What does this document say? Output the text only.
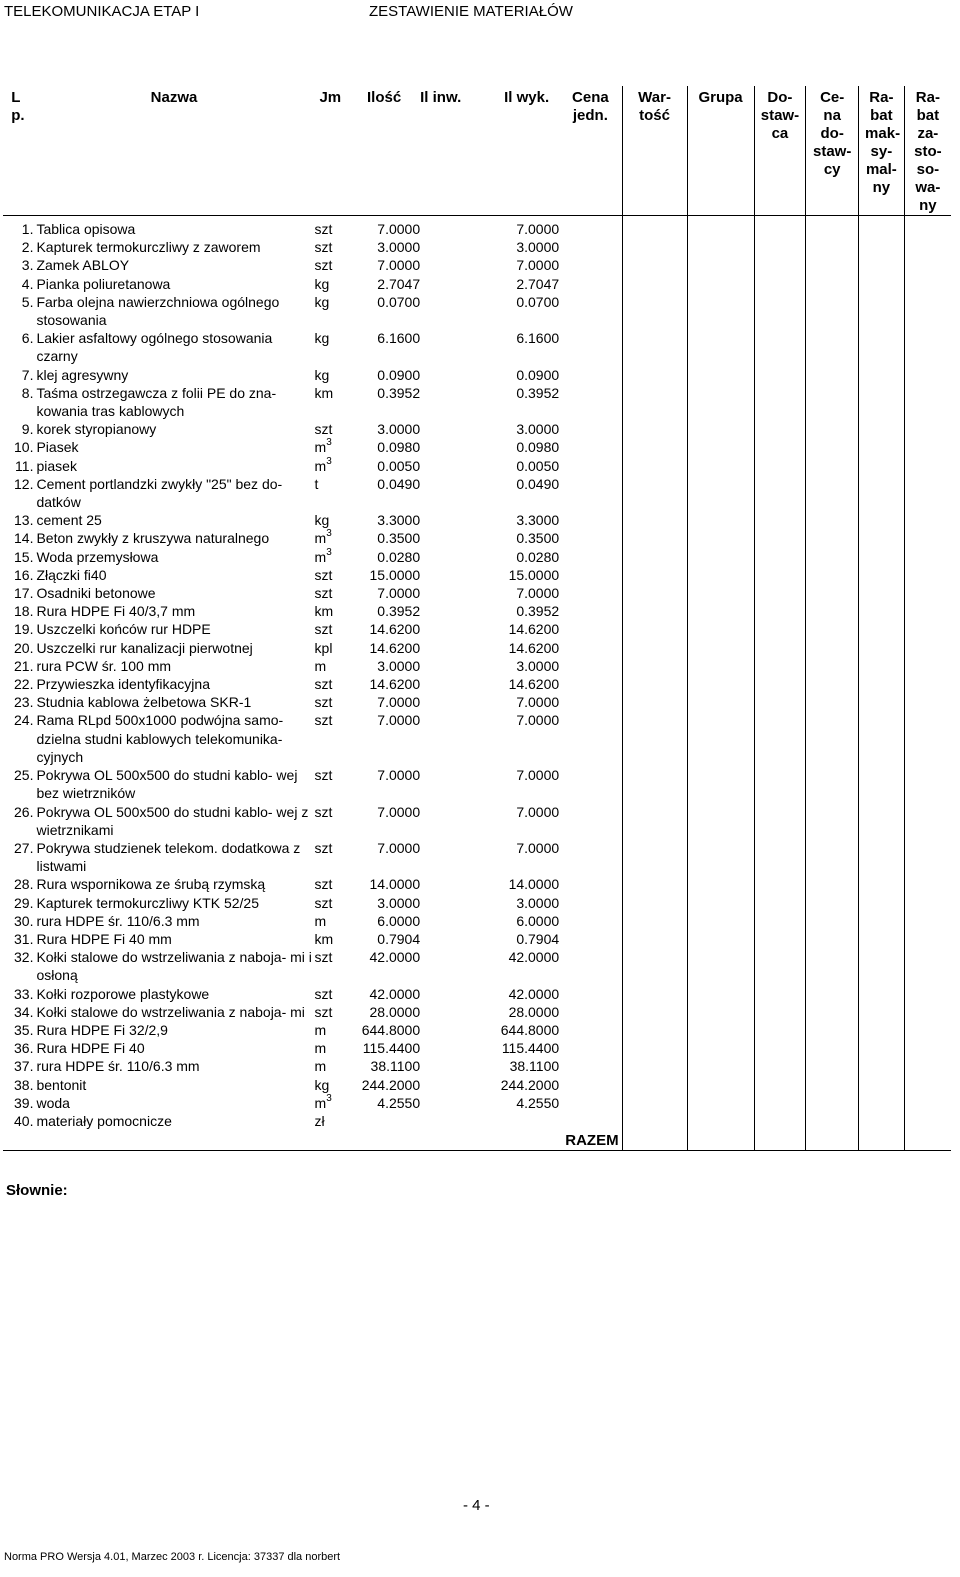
TELEKOMUNIKACJA ETAP I	ZESTAWIENIE MATERIAŁÓW
L p.	Nazwa	Jm	Ilość	Il inw.	Il wyk.	Cena jedn.	War- tość	Grupa	Do- staw- ca	Ce- na do- staw- cy	Ra- bat mak- sy- mal- ny	Ra- bat za- sto- so- wa- ny
1.	Tablica opisowa	szt	7.0000		7.0000							
2.	Kapturek termokurczliwy z zaworem	szt	3.0000		3.0000							
3.	Zamek ABLOY	szt	7.0000		7.0000							
4.	Pianka poliuretanowa	kg	2.7047		2.7047							
5.	Farba olejna nawierzchniowa ogólnego stosowania	kg	0.0700		0.0700							
6.	Lakier asfaltowy ogólnego stosowania czarny	kg	6.1600		6.1600							
7.	klej agresywny	kg	0.0900		0.0900							
8.	Taśma ostrzegawcza z folii PE do zna- kowania tras kablowych	km	0.3952		0.3952							
9.	korek styropianowy	szt	3.0000		3.0000							
10.	Piasek	$m^3$	0.0980		0.0980							
11.	piasek	$m^3$	0.0050		0.0050							
12.	Cement portlandzki zwykły "25" bez do- datków	t	0.0490		0.0490							
13.	cement 25	kg	3.3000		3.3000							
14.	Beton zwykły z kruszywa naturalnego	$m^3$	0.3500		0.3500							
15.	Woda przemysłowa	$m^3$	0.0280		0.0280							
16.	Złączki fi40	szt	15.0000		15.0000							
17.	Osadniki betonowe	szt	7.0000		7.0000							
18.	Rura HDPE Fi 40/3,7 mm	km	0.3952		0.3952							
19.	Uszczelki końców rur HDPE	szt	14.6200		14.6200							
20.	Uszczelki rur kanalizacji pierwotnej	kpl	14.6200		14.6200							
21.	rura PCW śr. 100 mm	m	3.0000		3.0000							
22.	Przywieszka identyfikacyjna	szt	14.6200		14.6200							
23.	Studnia kablowa żelbetowa SKR-1	szt	7.0000		7.0000							
24.	Rama RLpd 500x1000 podwójna samo- dzielna studni kablowych telekomunika- cyjnych	szt	7.0000		7.0000							
25.	Pokrywa OL 500x500 do studni kablo- wej bez wietrzników	szt	7.0000		7.0000							
26.	Pokrywa OL 500x500 do studni kablo- wej z wietrznikami	szt	7.0000		7.0000							
27.	Pokrywa studzienek telekom. dodatkowa z listwami	szt	7.0000		7.0000							
28.	Rura wspornikowa ze śrubą rzymską	szt	14.0000		14.0000							
29.	Kapturek termokurczliwy KTK 52/25	szt	3.0000		3.0000							
30.	rura HDPE śr. 110/6.3 mm	m	6.0000		6.0000							
31.	Rura HDPE Fi 40 mm	km	0.7904		0.7904							
32.	Kołki stalowe do wstrzeliwania z naboja- mi i osłoną	szt	42.0000		42.0000							
33.	Kołki rozporowe plastykowe	szt	42.0000		42.0000							
34.	Kołki stalowe do wstrzeliwania z naboja- mi	szt	28.0000		28.0000							
35.	Rura HDPE Fi 32/2,9	m	644.8000		644.8000							
36.	Rura HDPE Fi 40	m	115.4400		115.4400							
37.	rura HDPE śr. 110/6.3 mm	m	38.1100		38.1100							
38.	bentonit	kg	244.2000		244.2000							
39.	woda	$m^3$	4.2550		4.2550							
40.	materiały pomocnicze	zł										
						RAZEM						
Słownie:
- 4 -
Norma PRO Wersja 4.01, Marzec 2003 r. Licencja: 37337 dla norbert
